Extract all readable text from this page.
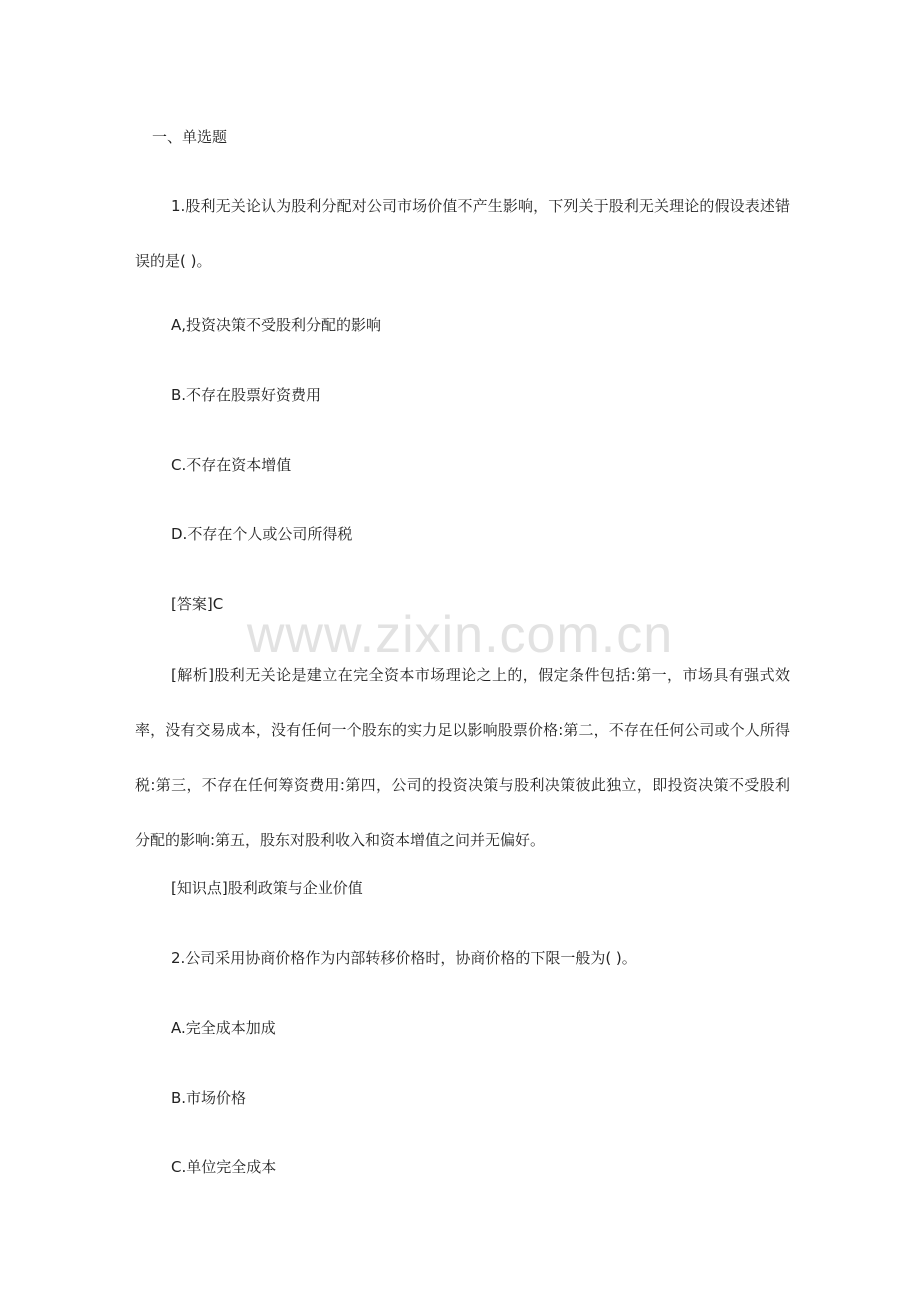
一、单选题

1.股利无关论认为股利分配对公司市场价值不产生影响，下列关于股利无关理论的假设表述错误的是( )。

A,投资决策不受股利分配的影响
B.不存在股票好资费用
C.不存在资本增值
D.不存在个人或公司所得税
[答案]C

[解析]股利无关论是建立在完全资本市场理论之上的，假定条件包括:第一，市场具有强式效率，没有交易成本，没有任何一个股东的实力足以影响股票价格:第二，不存在任何公司或个人所得税:第三，不存在任何筹资费用:第四，公司的投资决策与股利决策彼此独立，即投资决策不受股利分配的影响:第五，股东对股利收入和资本增值之问并无偏好。

[知识点]股利政策与企业价值
2.公司采用协商价格作为内部转移价格时，协商价格的下限一般为( )。
A.完全成本加成
B.市场价格
C.单位完全成本
www.zixin.com.cn
